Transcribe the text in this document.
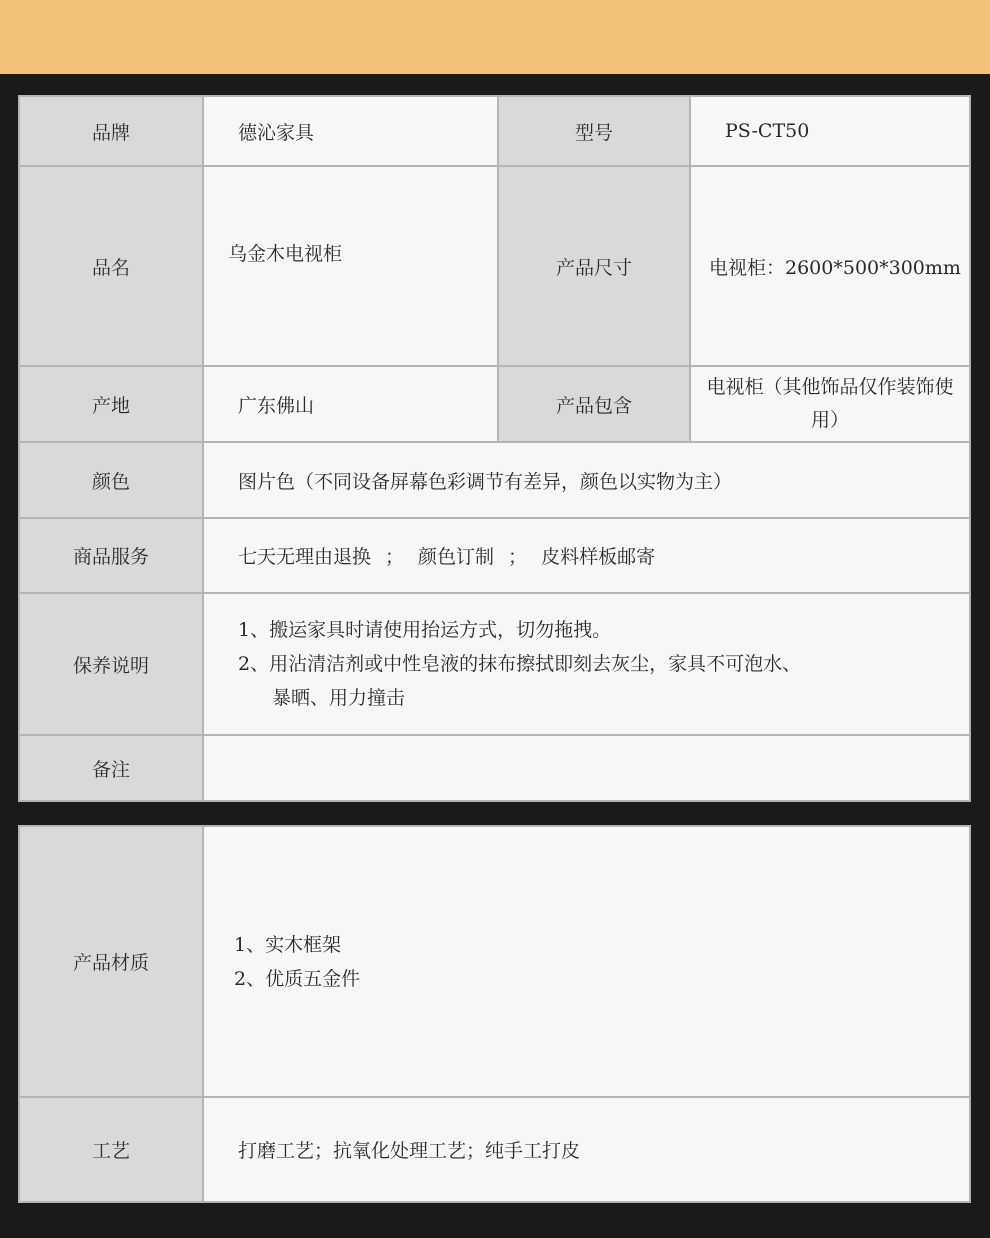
品牌	德沁家具	型号	PS-CT50
品名	乌金木电视柜	产品尺寸	电视柜：2600*500*300mm
产地	广东佛山	产品包含	电视柜（其他饰品仅作装饰使用）
颜色	图片色（不同设备屏幕色彩调节有差异，颜色以实物为主）		
商品服务	七天无理由退换 ； 颜色订制 ； 皮料样板邮寄		
保养说明	1、搬运家具时请使用抬运方式，切勿拖拽。
2、用沾清洁剂或中性皂液的抹布擦拭即刻去灰尘，家具不可泡水、
暴晒、用力撞击		

备注			
产品材质	1、实木框架
2、优质五金件

工艺	打磨工艺；抗氧化处理工艺；纯手工打皮
